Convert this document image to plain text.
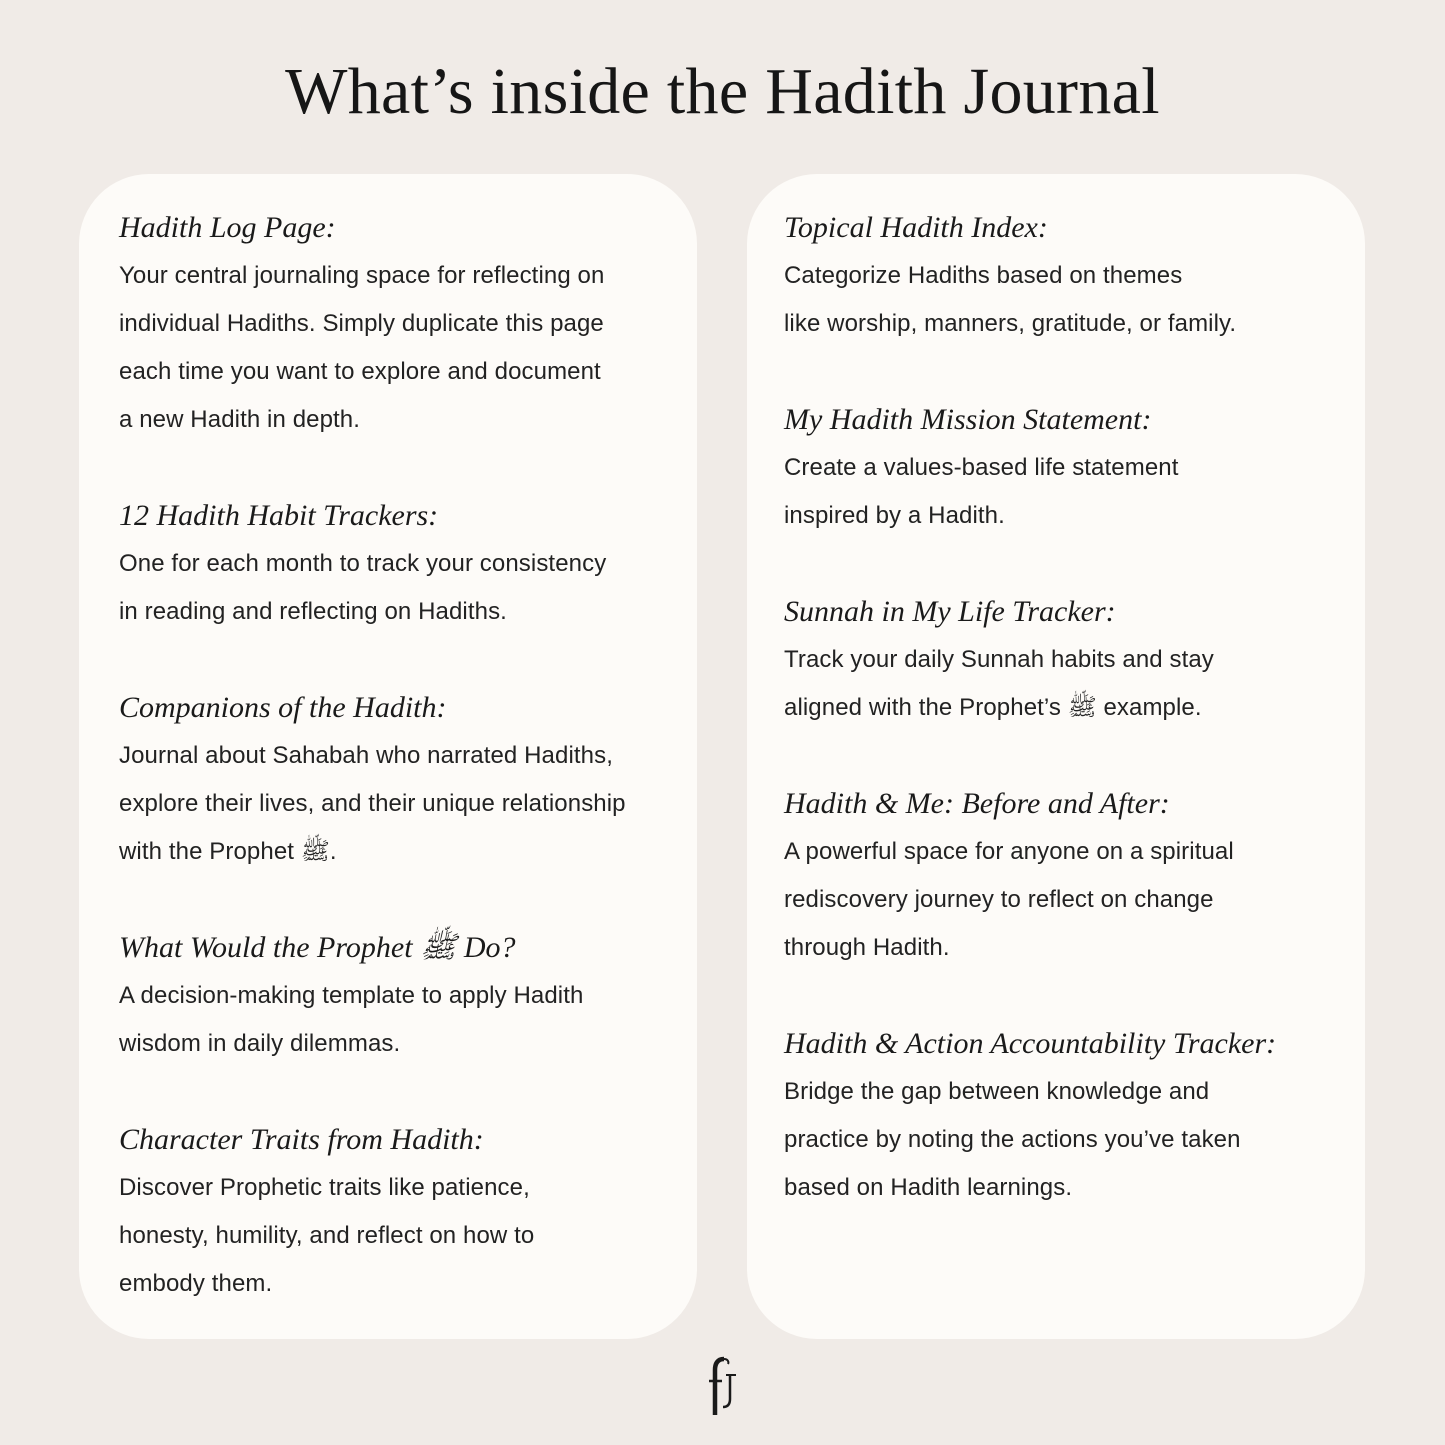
What’s inside the Hadith Journal
Hadith Log Page:
Your central journaling space for reflecting on
individual Hadiths. Simply duplicate this page
each time you want to explore and document
a new Hadith in depth.
12 Hadith Habit Trackers:
One for each month to track your consistency
in reading and reflecting on Hadiths.
Companions of the Hadith:
Journal about Sahabah who narrated Hadiths,
explore their lives, and their unique relationship
with the Prophet ﷺ.
What Would the Prophet ﷺ Do?
A decision-making template to apply Hadith
wisdom in daily dilemmas.
Character Traits from Hadith:
Discover Prophetic traits like patience,
honesty, humility, and reflect on how to
embody them.
Topical Hadith Index:
Categorize Hadiths based on themes
like worship, manners, gratitude, or family.
My Hadith Mission Statement:
Create a values-based life statement
inspired by a Hadith.
Sunnah in My Life Tracker:
Track your daily Sunnah habits and stay
aligned with the Prophet’s ﷺ example.
Hadith & Me: Before and After:
A powerful space for anyone on a spiritual
rediscovery journey to reflect on change
through Hadith.
Hadith & Action Accountability Tracker:
Bridge the gap between knowledge and
practice by noting the actions you’ve taken
based on Hadith learnings.
